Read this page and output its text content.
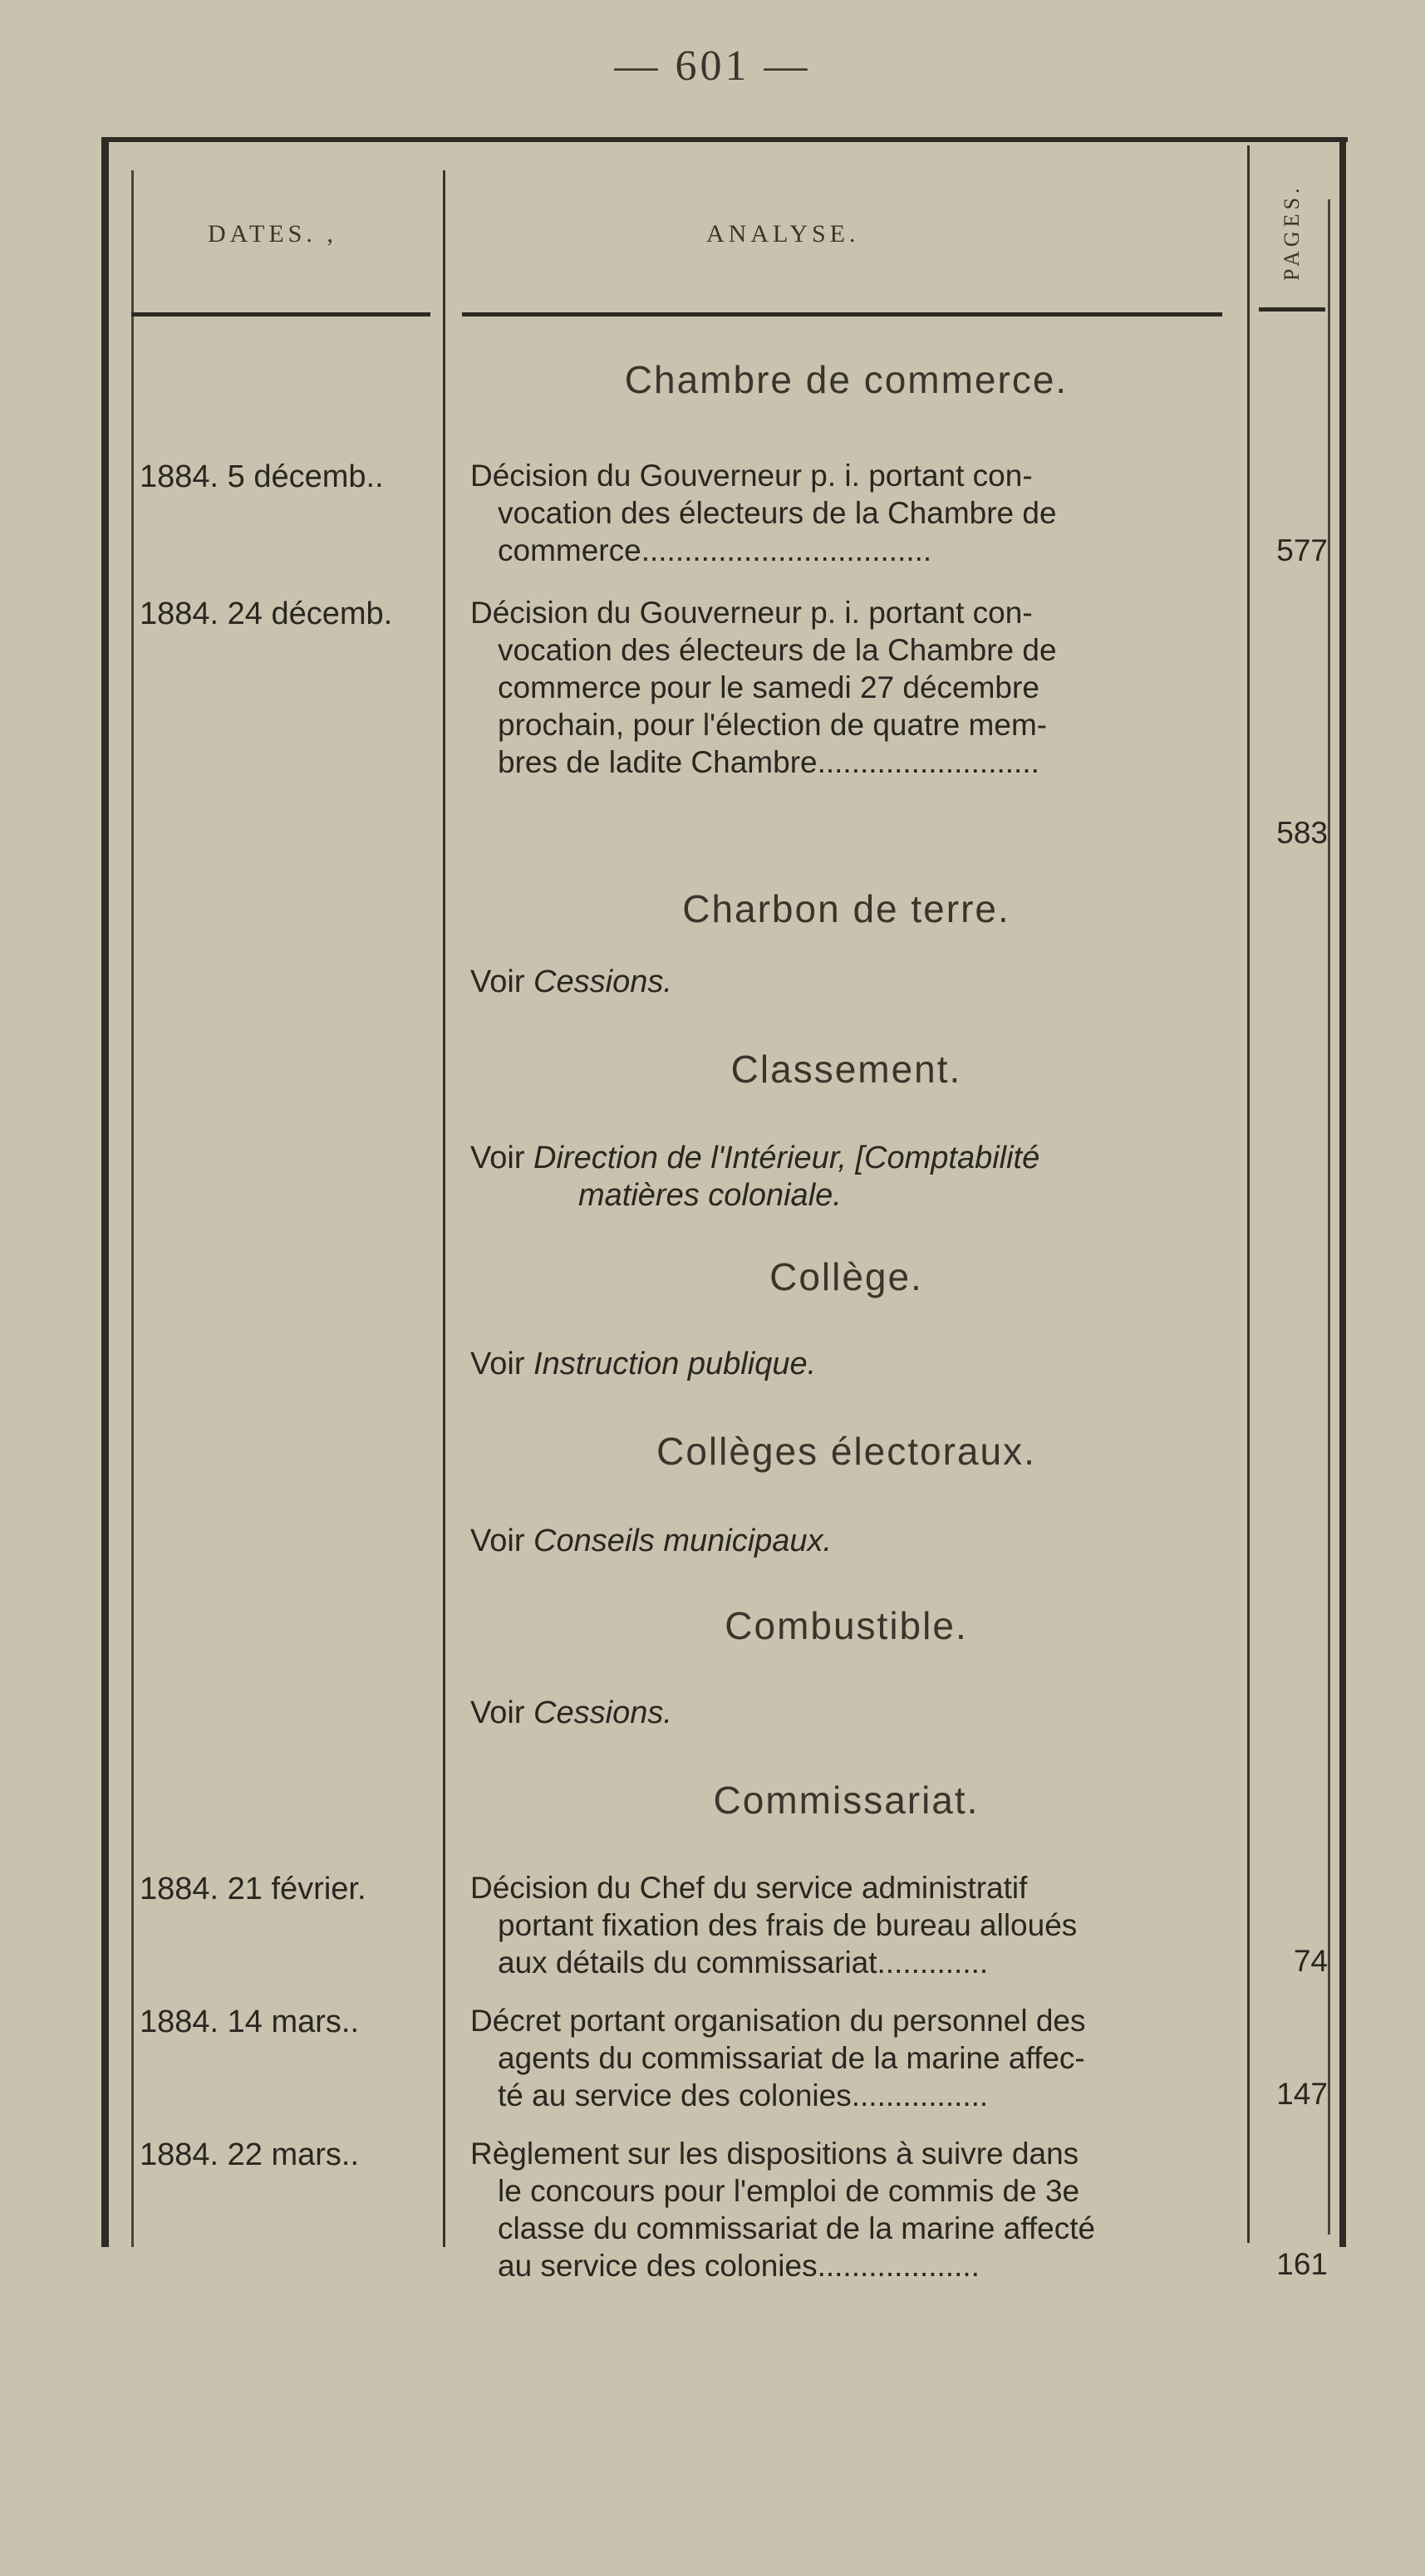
— 601 —
DATES. ,	ANALYSE.	PAGES.
Chambre de commerce.
1884. 5 décemb..	Décision du Gouverneur p. i. portant con-
vocation des électeurs de la Chambre de
commerce..................................	577
1884. 24 décemb.	Décision du Gouverneur p. i. portant con-
vocation des électeurs de la Chambre de
commerce pour le samedi 27 décembre
prochain, pour l'élection de quatre mem-
bres de ladite Chambre..........................
583
Charbon de terre.
Voir Cessions.
Classement.
Voir Direction de l'Intérieur, [Comptabilité
matières coloniale.
Collège.
Voir Instruction publique.
Collèges électoraux.
Voir Conseils municipaux.
Combustible.
Voir Cessions.
Commissariat.
1884. 21 février.	Décision du Chef du service administratif
portant fixation des frais de bureau alloués
aux détails du commissariat.............	74
1884. 14 mars..	Décret portant organisation du personnel des
agents du commissariat de la marine affec-
té au service des colonies................	147
1884. 22 mars..	Règlement sur les dispositions à suivre dans
le concours pour l'emploi de commis de 3e
classe du commissariat de la marine affecté
au service des colonies...................	161
